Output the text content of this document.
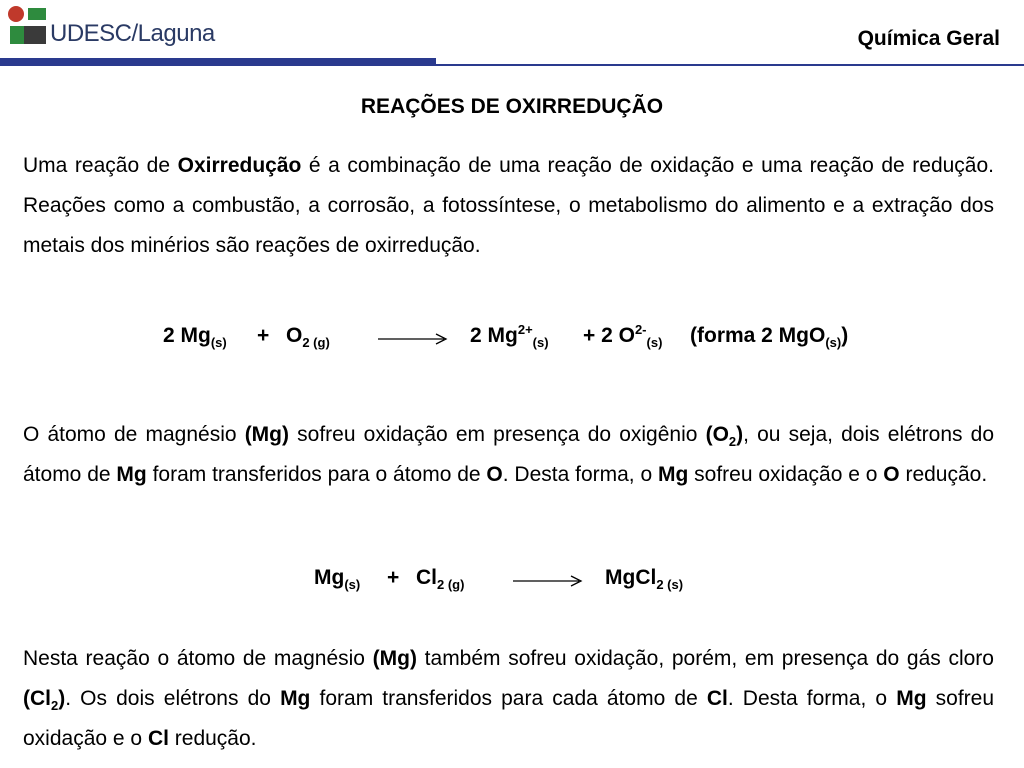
UDESC/Laguna	Química Geral
REAÇÕES DE OXIRREDUÇÃO
Uma reação de Oxirredução é a combinação de uma reação de oxidação e uma reação de redução. Reações como a combustão, a corrosão, a fotossíntese, o metabolismo do alimento e a extração dos metais dos minérios são reações de oxirredução.
2 $Mg_{(s)} + O_{2 (g)}$	2 $Mg^{2+}_{(s)} + 2$ $O^{2-}_{(s)}$ (forma 2 MgO$_{(s)}$)
O átomo de magnésio (Mg) sofreu oxidação em presença do oxigênio $(O_2)$, ou seja, dois elétrons do átomo de Mg foram transferidos para o átomo de O. Desta forma, o Mg sofreu oxidação e o O redução.
$Mg_{(s)} + Cl_{2 (g)}$	MgCl$_{2 (s)}$
Nesta reação o átomo de magnésio (Mg) também sofreu oxidação, porém, em presença do gás cloro $(Cl_2)$. Os dois elétrons do Mg foram transferidos para cada átomo de Cl. Desta forma, o Mg sofreu oxidação e o Cl redução.
